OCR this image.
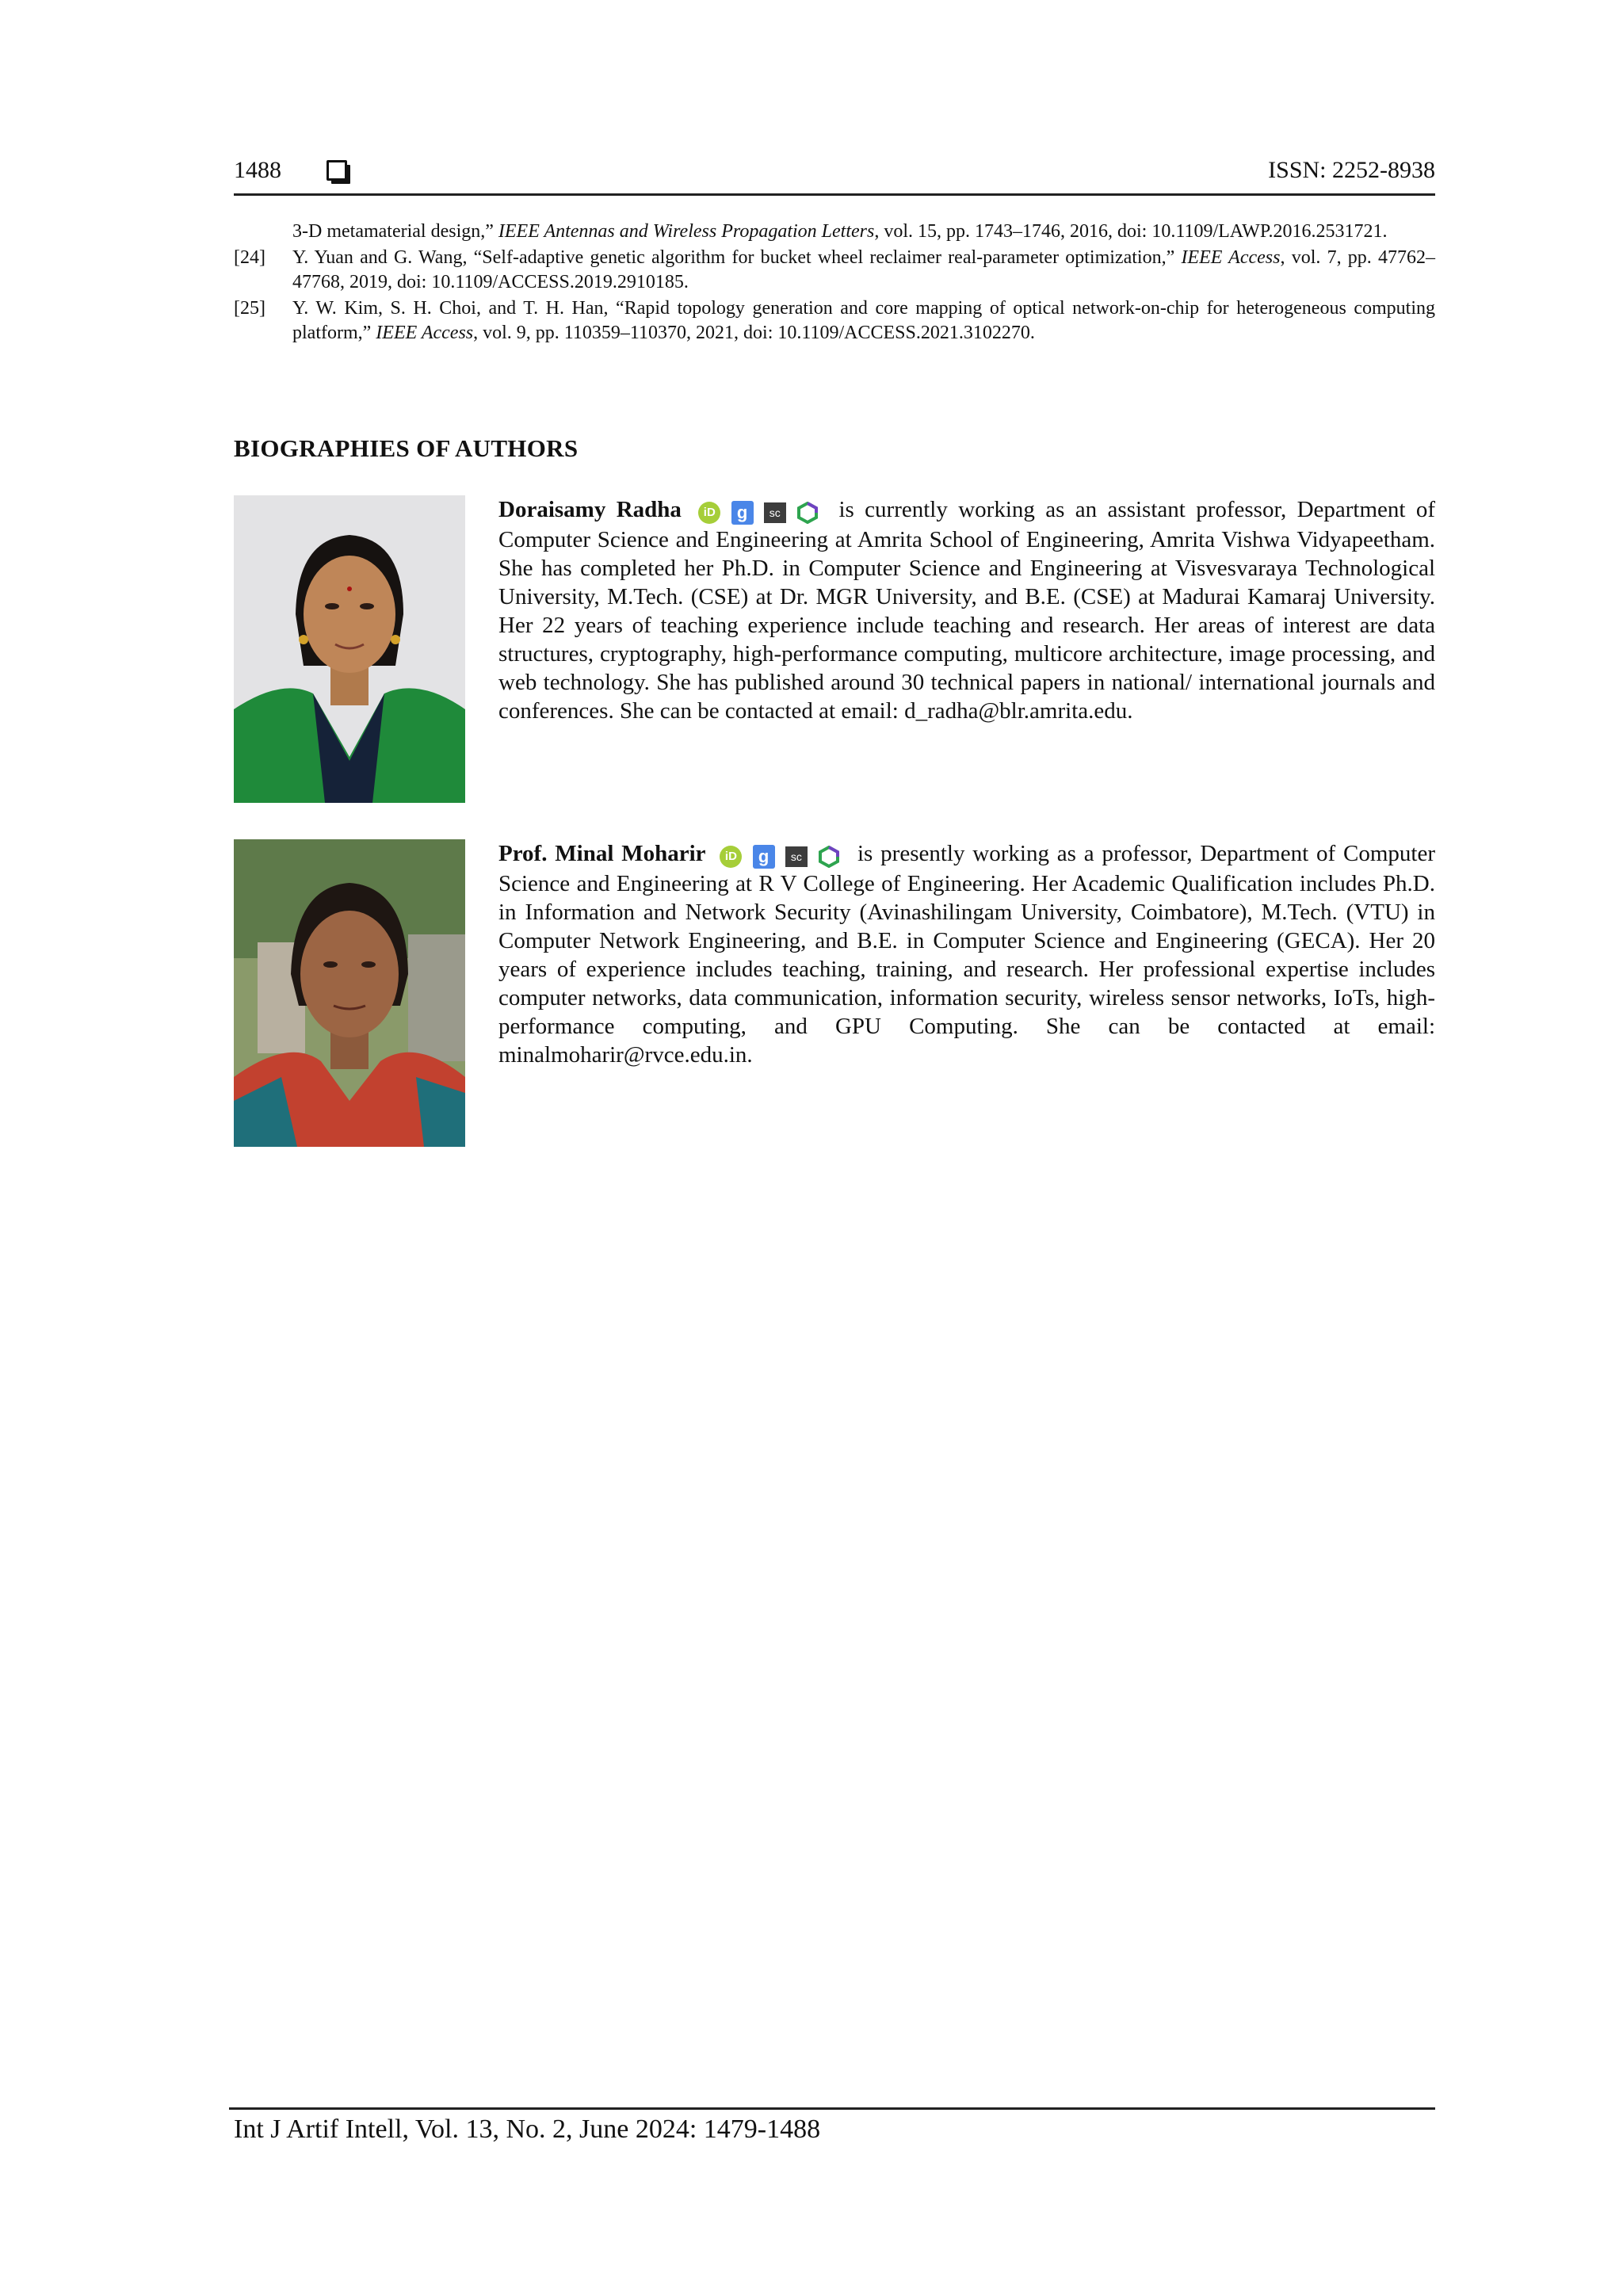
1488	ISSN: 2252-8938
3-D metamaterial design,” IEEE Antennas and Wireless Propagation Letters, vol. 15, pp. 1743–1746, 2016, doi: 10.1109/LAWP.2016.2531721.
[24] Y. Yuan and G. Wang, “Self-adaptive genetic algorithm for bucket wheel reclaimer real-parameter optimization,” IEEE Access, vol. 7, pp. 47762–47768, 2019, doi: 10.1109/ACCESS.2019.2910185.
[25] Y. W. Kim, S. H. Choi, and T. H. Han, “Rapid topology generation and core mapping of optical network-on-chip for heterogeneous computing platform,” IEEE Access, vol. 9, pp. 110359–110370, 2021, doi: 10.1109/ACCESS.2021.3102270.
BIOGRAPHIES OF AUTHORS
Doraisamy Radha iD g sc	is currently working as an assistant professor, Department of Computer Science and Engineering at Amrita School of Engineering, Amrita Vishwa Vidyapeetham. She has completed her Ph.D. in Computer Science and Engineering at Visvesvaraya Technological University, M.Tech. (CSE) at Dr. MGR University, and B.E. (CSE) at Madurai Kamaraj University. Her 22 years of teaching experience include teaching and research. Her areas of interest are data structures, cryptography, high-performance computing, multicore architecture, image processing, and web technology. She has published around 30 technical papers in national/ international journals and conferences. She can be contacted at email: d_radha@blr.amrita.edu.
Prof. Minal Moharir iD g sc is presently working as a professor, Department of Computer Science and Engineering at R V College of Engineering. Her Academic Qualification includes Ph.D. in Information and Network Security (Avinashilingam University, Coimbatore), M.Tech. (VTU) in Computer Network Engineering, and B.E. in Computer Science and Engineering (GECA). Her 20 years of experience includes teaching, training, and research. Her professional expertise includes computer networks, data communication, information security, wireless sensor networks, IoTs, high-performance computing, and GPU Computing. She can be contacted at email: minalmoharir@rvce.edu.in.
Int J Artif Intell, Vol. 13, No. 2, June 2024: 1479-1488
